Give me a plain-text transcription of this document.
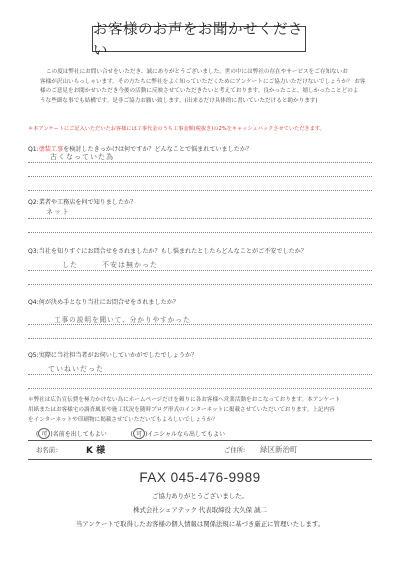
お客様のお声をお聞かせください
この度は弊社にお問い合せをいただき、誠にありがとうございました。世の中には弊社の存在やサービスをご存知ないお
客様が沢山いらっしゃいます。その方たちに弊社をよく知っていただくためにアンケートにご協力いただけないでしょうか？ お客
様のご意見をお聞かせいただき今後の活動に反映させていただきたいと考えております。良かったこと、嬉しかったことどのよ
うな些細な事でも結構です。是非ご協力お願い致します。(出来るだけ具体的に書いていただけると助かります)
＊本アンケートにご記入いただいたお客様には工事代金のうち工事金額(税抜き)の2%をキャッシュバックさせていただきます。
Q1:塗装工事を検討したきっかけは何ですか？どんなことで悩まれていましたか？
古くなっていた為
Q2:業者や工務店を何で知りましたか？
ネット
Q3:当社を知りすぐにお問合せをされましたか？もし悩まれたとしたらどんなことがご不安でしたか？
した　　　不安は無かった
Q4:何が決め手となり当社にお問合せをされましたか？
工事の説明を聞いて、分かりやすかった
Q5:実際に当社担当者がお伺いしていかがでしたでしょうか？
ていねいだった
＊弊社は広告宣伝費を極力かけない為にホームページだけを頼りに各お客様へ営業活動をおこなっております。本アンケート
用紙またはお客様宅の調査風景や施工状況を随時ブログ形式のインターネットに掲載させていただいております。上記内容
をインターネットや印刷物に掲載させていただいてもよろしいでしょうか？
( 可 )名前を出してもよい	( 可 )イニシャルなら出してもよい
お名前:	K 様	ご住所: 緑区新治町
FAX 045-476-9989
ご協力ありがとうございました。
株式会社シェアテック 代表取締役 大久保 誠二
当アンケートで取得したお客様の個人情報は関係法規に基づき厳正に管理いたします。
